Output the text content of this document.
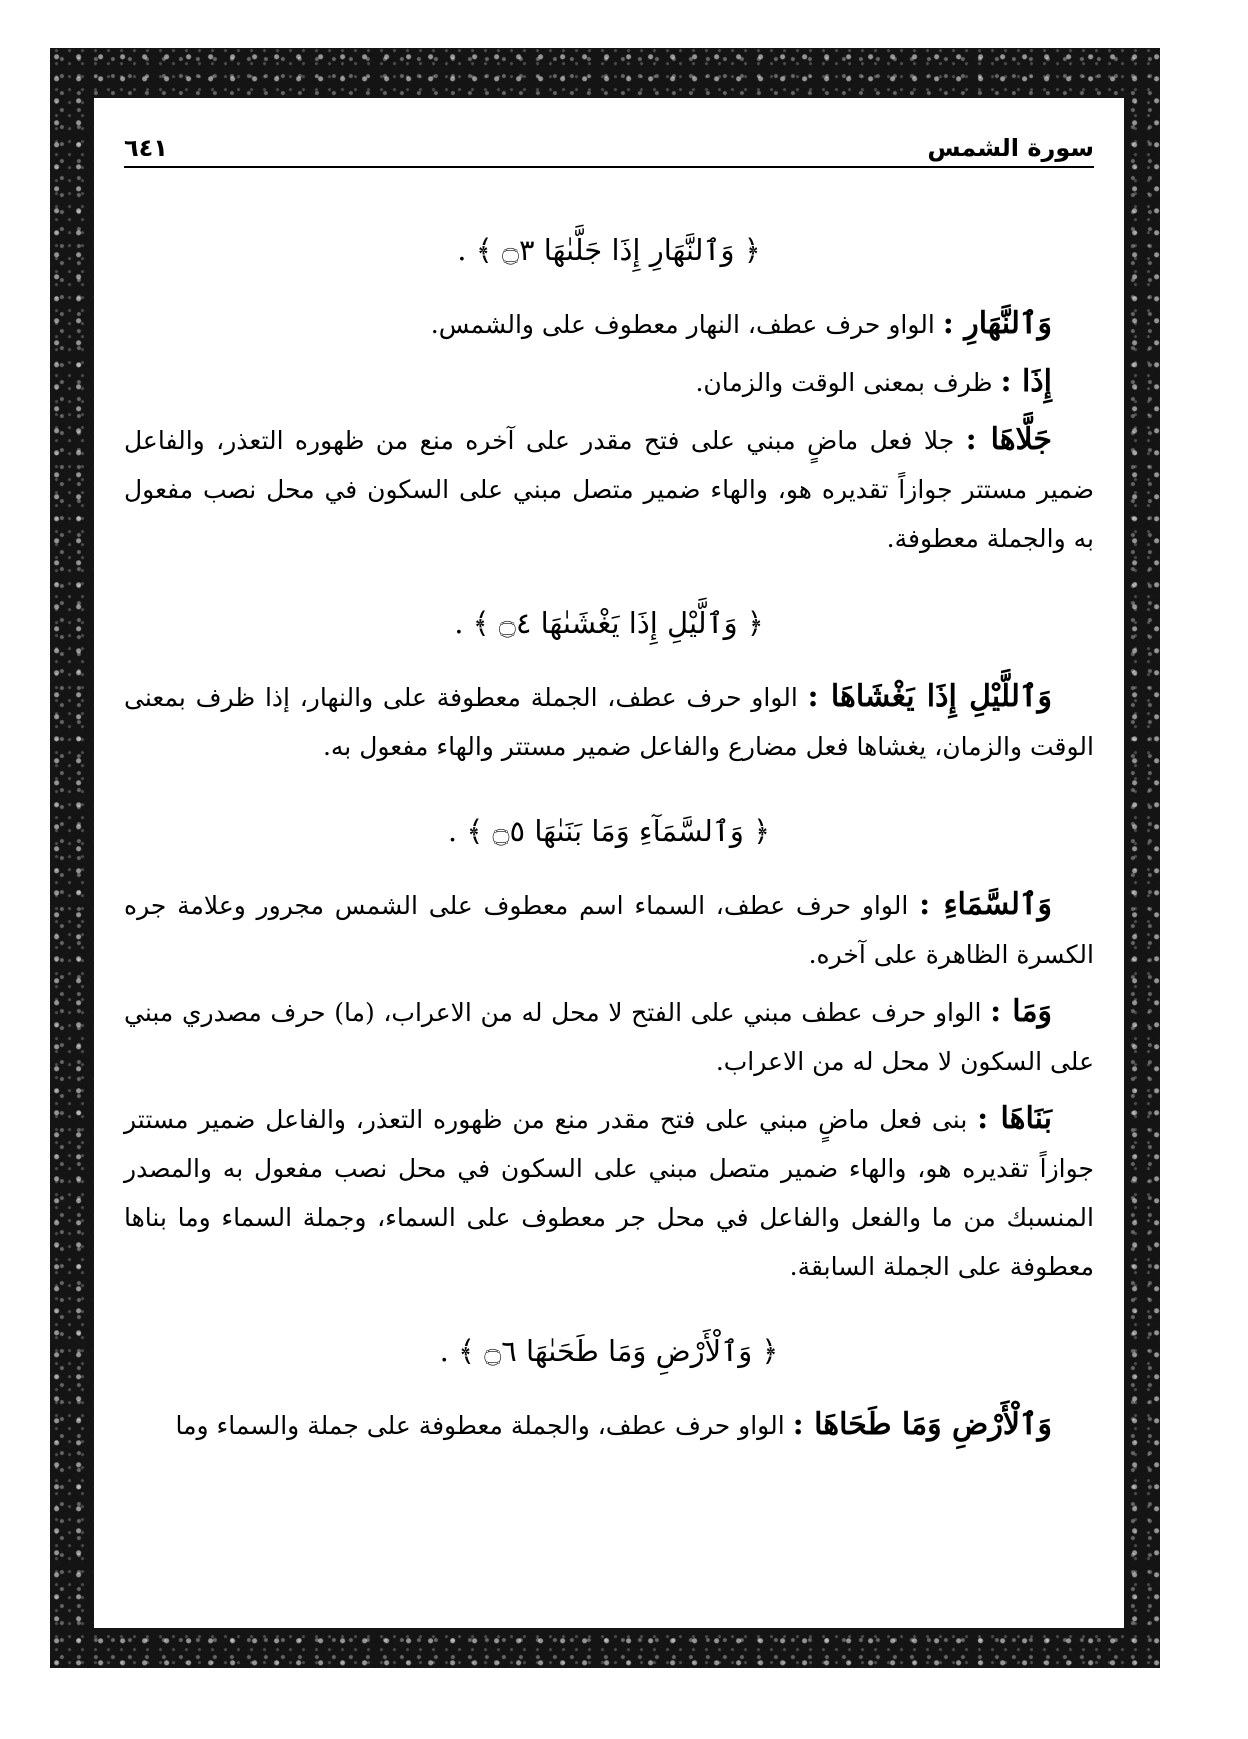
سورة الشمس
٦٤١
﴿ وَٱلنَّهَارِ إِذَا جَلَّىٰهَا ۝٣ ﴾ .

وَٱلنَّهَارِ : الواو حرف عطف، النهار معطوف على والشمس.

إِذَا : ظرف بمعنى الوقت والزمان.

جَلَّاهَا : جلا فعل ماضٍ مبني على فتح مقدر على آخره منع من ظهوره التعذر، والفاعل ضمير مستتر جوازاً تقديره هو، والهاء ضمير متصل مبني على السكون في محل نصب مفعول به والجملة معطوفة.

﴿ وَٱلَّيْلِ إِذَا يَغْشَىٰهَا ۝٤ ﴾ .

وَٱللَّيْلِ إِذَا يَغْشَاهَا : الواو حرف عطف، الجملة معطوفة على والنهار، إذا ظرف بمعنى الوقت والزمان، يغشاها فعل مضارع والفاعل ضمير مستتر والهاء مفعول به.

﴿ وَٱلسَّمَآءِ وَمَا بَنَىٰهَا ۝٥ ﴾ .

وَٱلسَّمَاءِ : الواو حرف عطف، السماء اسم معطوف على الشمس مجرور وعلامة جره الكسرة الظاهرة على آخره.

وَمَا : الواو حرف عطف مبني على الفتح لا محل له من الاعراب، (ما) حرف مصدري مبني على السكون لا محل له من الاعراب.

بَنَاهَا : بنى فعل ماضٍ مبني على فتح مقدر منع من ظهوره التعذر، والفاعل ضمير مستتر جوازاً تقديره هو، والهاء ضمير متصل مبني على السكون في محل نصب مفعول به والمصدر المنسبك من ما والفعل والفاعل في محل جر معطوف على السماء، وجملة السماء وما بناها معطوفة على الجملة السابقة.

﴿ وَٱلْأَرْضِ وَمَا طَحَىٰهَا ۝٦ ﴾ .

وَٱلْأَرْضِ وَمَا طَحَاهَا : الواو حرف عطف، والجملة معطوفة على جملة والسماء وما
